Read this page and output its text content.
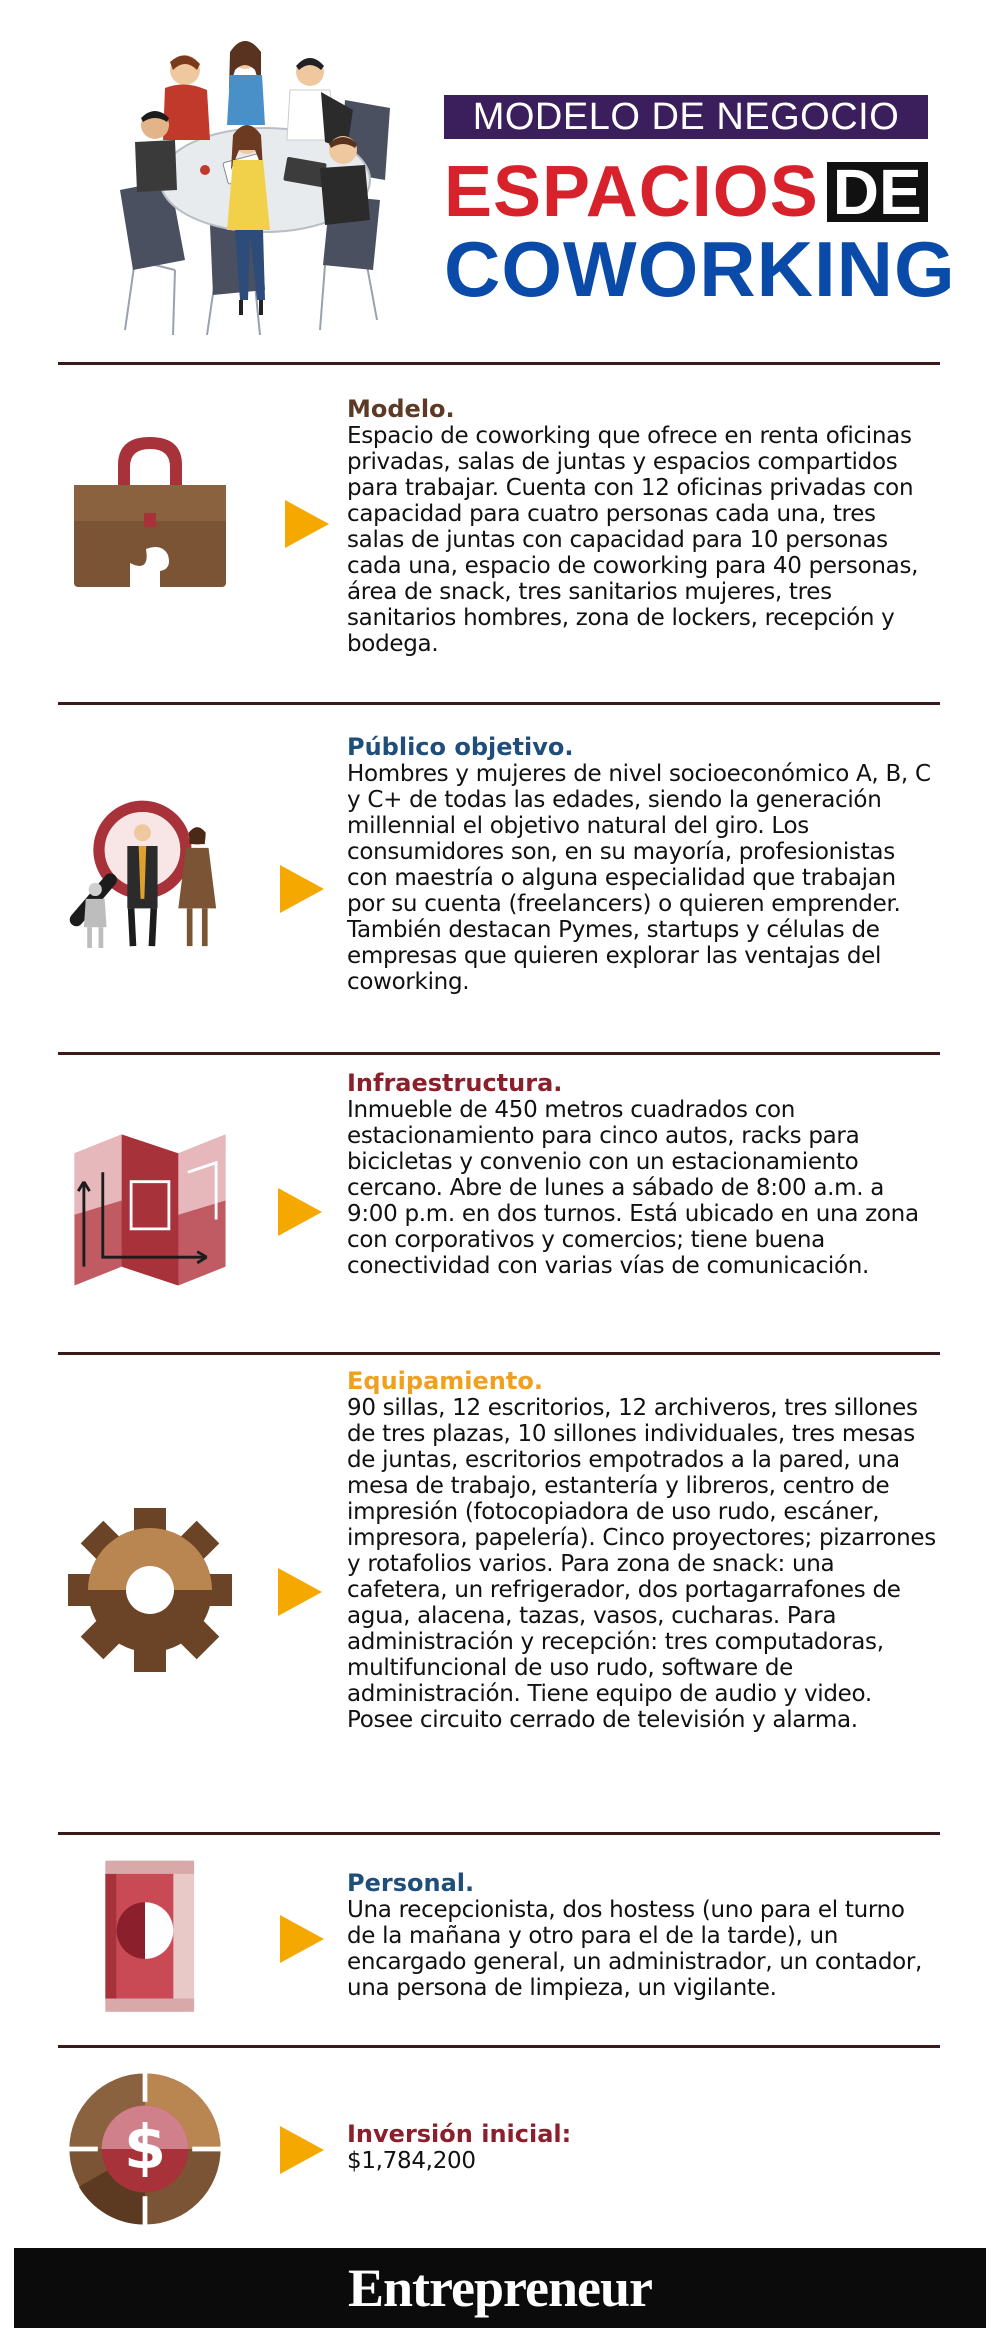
MODELO DE NEGOCIO
ESPACIOS DE
COWORKING
Modelo.
Espacio de coworking que ofrece en renta oficinas privadas, salas de juntas y espacios compartidos para trabajar. Cuenta con 12 oficinas privadas con capacidad para cuatro personas cada una, tres salas de juntas con capacidad para 10 personas cada una, espacio de coworking para 40 personas, área de snack, tres sanitarios mujeres, tres sanitarios hombres, zona de lockers, recepción y bodega.
Público objetivo.
Hombres y mujeres de nivel socioeconómico A, B, C y C+ de todas las edades, siendo la generación millennial el objetivo natural del giro. Los consumidores son, en su mayoría, profesionistas con maestría o alguna especialidad que trabajan por su cuenta (freelancers) o quieren emprender. También destacan Pymes, startups y células de empresas que quieren explorar las ventajas del coworking.
Infraestructura.
Inmueble de 450 metros cuadrados con estacionamiento para cinco autos, racks para bicicletas y convenio con un estacionamiento cercano. Abre de lunes a sábado de 8:00 a.m. a 9:00 p.m. en dos turnos. Está ubicado en una zona con corporativos y comercios; tiene buena conectividad con varias vías de comunicación.
Equipamiento.
90 sillas, 12 escritorios, 12 archiveros, tres sillones de tres plazas, 10 sillones individuales, tres mesas de juntas, escritorios empotrados a la pared, una mesa de trabajo, estantería y libreros, centro de impresión (fotocopiadora de uso rudo, escáner, impresora, papelería). Cinco proyectores; pizarrones y rotafolios varios. Para zona de snack: una cafetera, un refrigerador, dos portagarrafones de agua, alacena, tazas, vasos, cucharas. Para administración y recepción: tres computadoras, multifuncional de uso rudo, software de administración. Tiene equipo de audio y video. Posee circuito cerrado de televisión y alarma.
Personal.
Una recepcionista, dos hostess (uno para el turno de la mañana y otro para el de la tarde), un encargado general, un administrador, un contador, una persona de limpieza, un vigilante.
$	Inversión inicial:
$1,784,200
Entrepreneur
